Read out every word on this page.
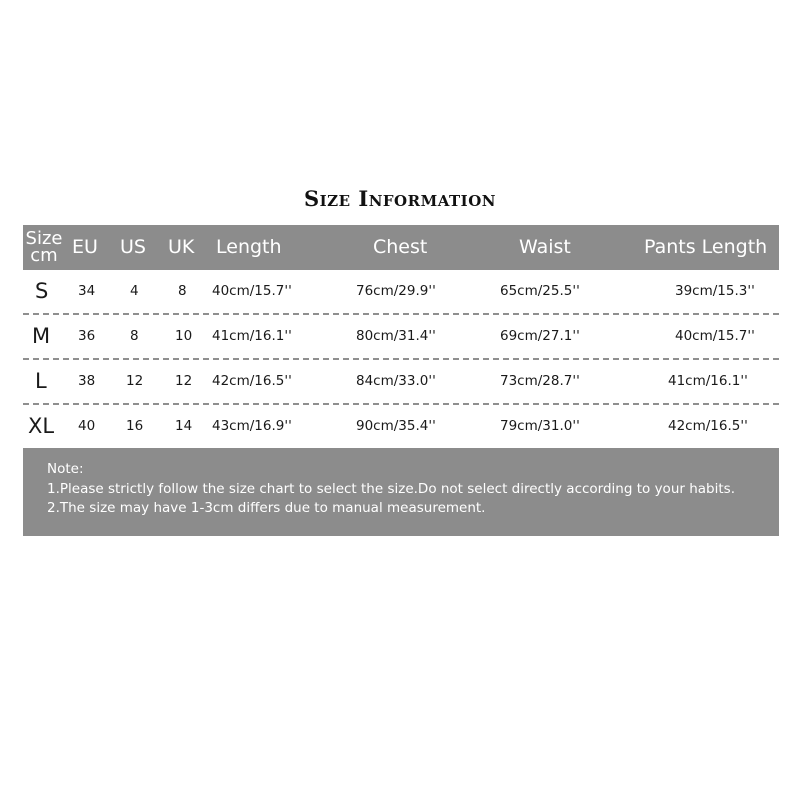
Size Information
Size
cm EU US UK Length	Chest	Waist	Pants Length
S 34	4	8 40cm/15.7''	76cm/29.9''	65cm/25.5''	39cm/15.3''
M 36	8	10 41cm/16.1''	80cm/31.4''	69cm/27.1''	40cm/15.7''
L 38 12 12 42cm/16.5''	84cm/33.0''	73cm/28.7''	41cm/16.1''
XL 40 16 14 43cm/16.9''	90cm/35.4''	79cm/31.0''	42cm/16.5''
Note:
1.Please strictly follow the size chart to select the size.Do not select directly according to your habits.
2.The size may have 1-3cm differs due to manual measurement.
